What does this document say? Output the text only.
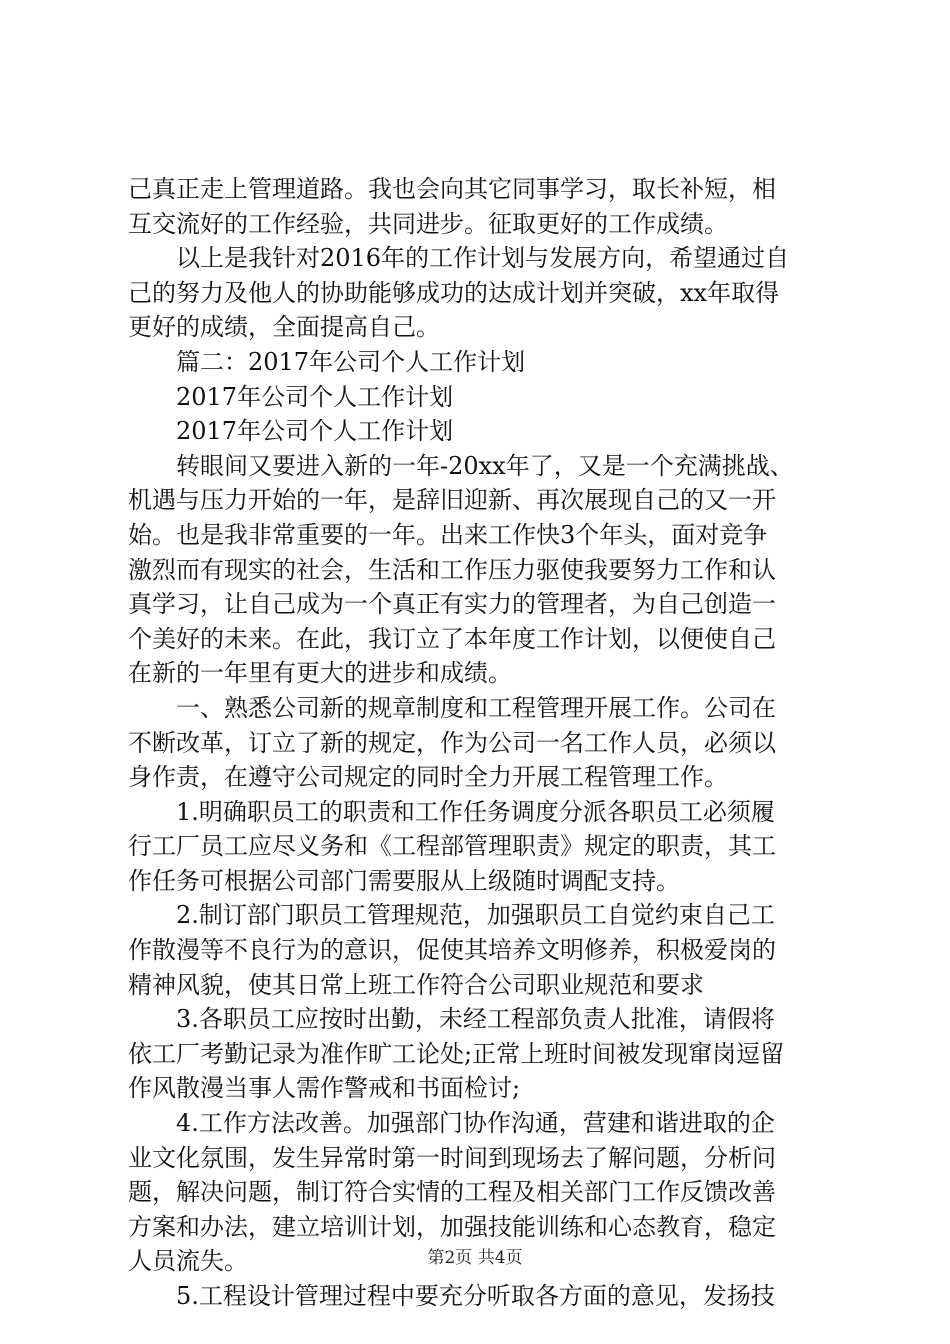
己真正走上管理道路。我也会向其它同事学习，取长补短，相
互交流好的工作经验，共同进步。征取更好的工作成绩。
以上是我针对2016年的工作计划与发展方向，希望通过自
己的努力及他人的协助能够成功的达成计划并突破，xx年取得
更好的成绩，全面提高自己。
篇二：2017年公司个人工作计划
2017年公司个人工作计划
2017年公司个人工作计划
转眼间又要进入新的一年-20xx年了，又是一个充满挑战、
机遇与压力开始的一年，是辞旧迎新、再次展现自己的又一开
始。也是我非常重要的一年。出来工作快3个年头，面对竞争
激烈而有现实的社会，生活和工作压力驱使我要努力工作和认
真学习，让自己成为一个真正有实力的管理者，为自己创造一
个美好的未来。在此，我订立了本年度工作计划，以便使自己
在新的一年里有更大的进步和成绩。
一、熟悉公司新的规章制度和工程管理开展工作。公司在
不断改革，订立了新的规定，作为公司一名工作人员，必须以
身作责，在遵守公司规定的同时全力开展工程管理工作。
1.明确职员工的职责和工作任务调度分派各职员工必须履
行工厂员工应尽义务和《工程部管理职责》规定的职责，其工
作任务可根据公司部门需要服从上级随时调配支持。
2.制订部门职员工管理规范，加强职员工自觉约束自己工
作散漫等不良行为的意识，促使其培养文明修养，积极爱岗的
精神风貌，使其日常上班工作符合公司职业规范和要求
3.各职员工应按时出勤，未经工程部负责人批准，请假将
依工厂考勤记录为准作旷工论处;正常上班时间被发现窜岗逗留
作风散漫当事人需作警戒和书面检讨;
4.工作方法改善。加强部门协作沟通，营建和谐进取的企
业文化氛围，发生异常时第一时间到现场去了解问题，分析问
题，解决问题，制订符合实情的工程及相关部门工作反馈改善
方案和办法，建立培训计划，加强技能训练和心态教育，稳定
人员流失。
5.工程设计管理过程中要充分听取各方面的意见，发扬技
第2页 共4页
